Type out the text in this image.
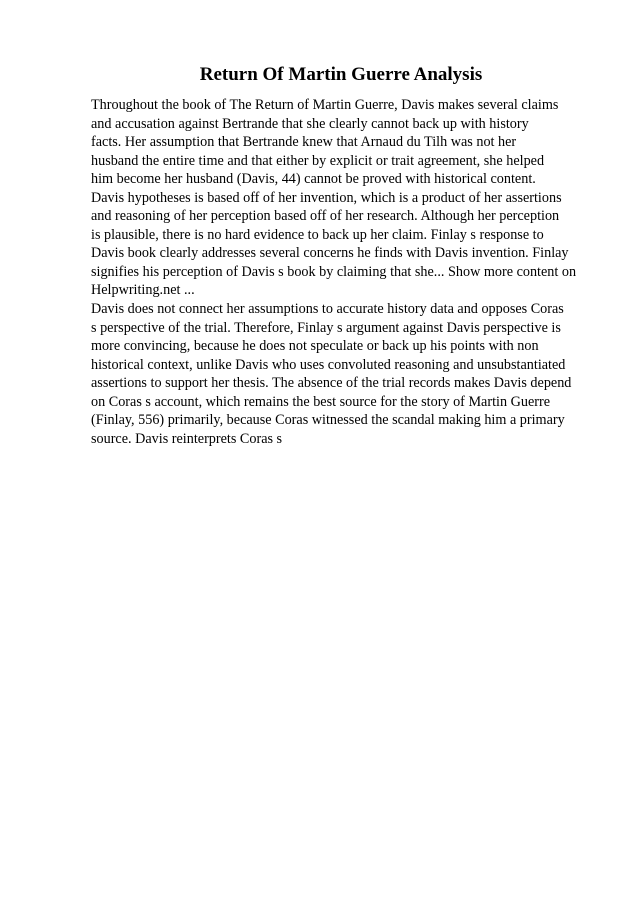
Return Of Martin Guerre Analysis
Throughout the book of The Return of Martin Guerre, Davis makes several claims
and accusation against Bertrande that she clearly cannot back up with history
facts. Her assumption that Bertrande knew that Arnaud du Tilh was not her
husband the entire time and that either by explicit or trait agreement, she helped
him become her husband (Davis, 44) cannot be proved with historical content.
Davis hypotheses is based off of her invention, which is a product of her assertions
and reasoning of her perception based off of her research. Although her perception
is plausible, there is no hard evidence to back up her claim. Finlay s response to
Davis book clearly addresses several concerns he finds with Davis invention. Finlay
signifies his perception of Davis s book by claiming that she... Show more content on
Helpwriting.net ...
Davis does not connect her assumptions to accurate history data and opposes Coras
s perspective of the trial. Therefore, Finlay s argument against Davis perspective is
more convincing, because he does not speculate or back up his points with non
historical context, unlike Davis who uses convoluted reasoning and unsubstantiated
assertions to support her thesis. The absence of the trial records makes Davis depend
on Coras s account, which remains the best source for the story of Martin Guerre
(Finlay, 556) primarily, because Coras witnessed the scandal making him a primary
source. Davis reinterprets Coras s
